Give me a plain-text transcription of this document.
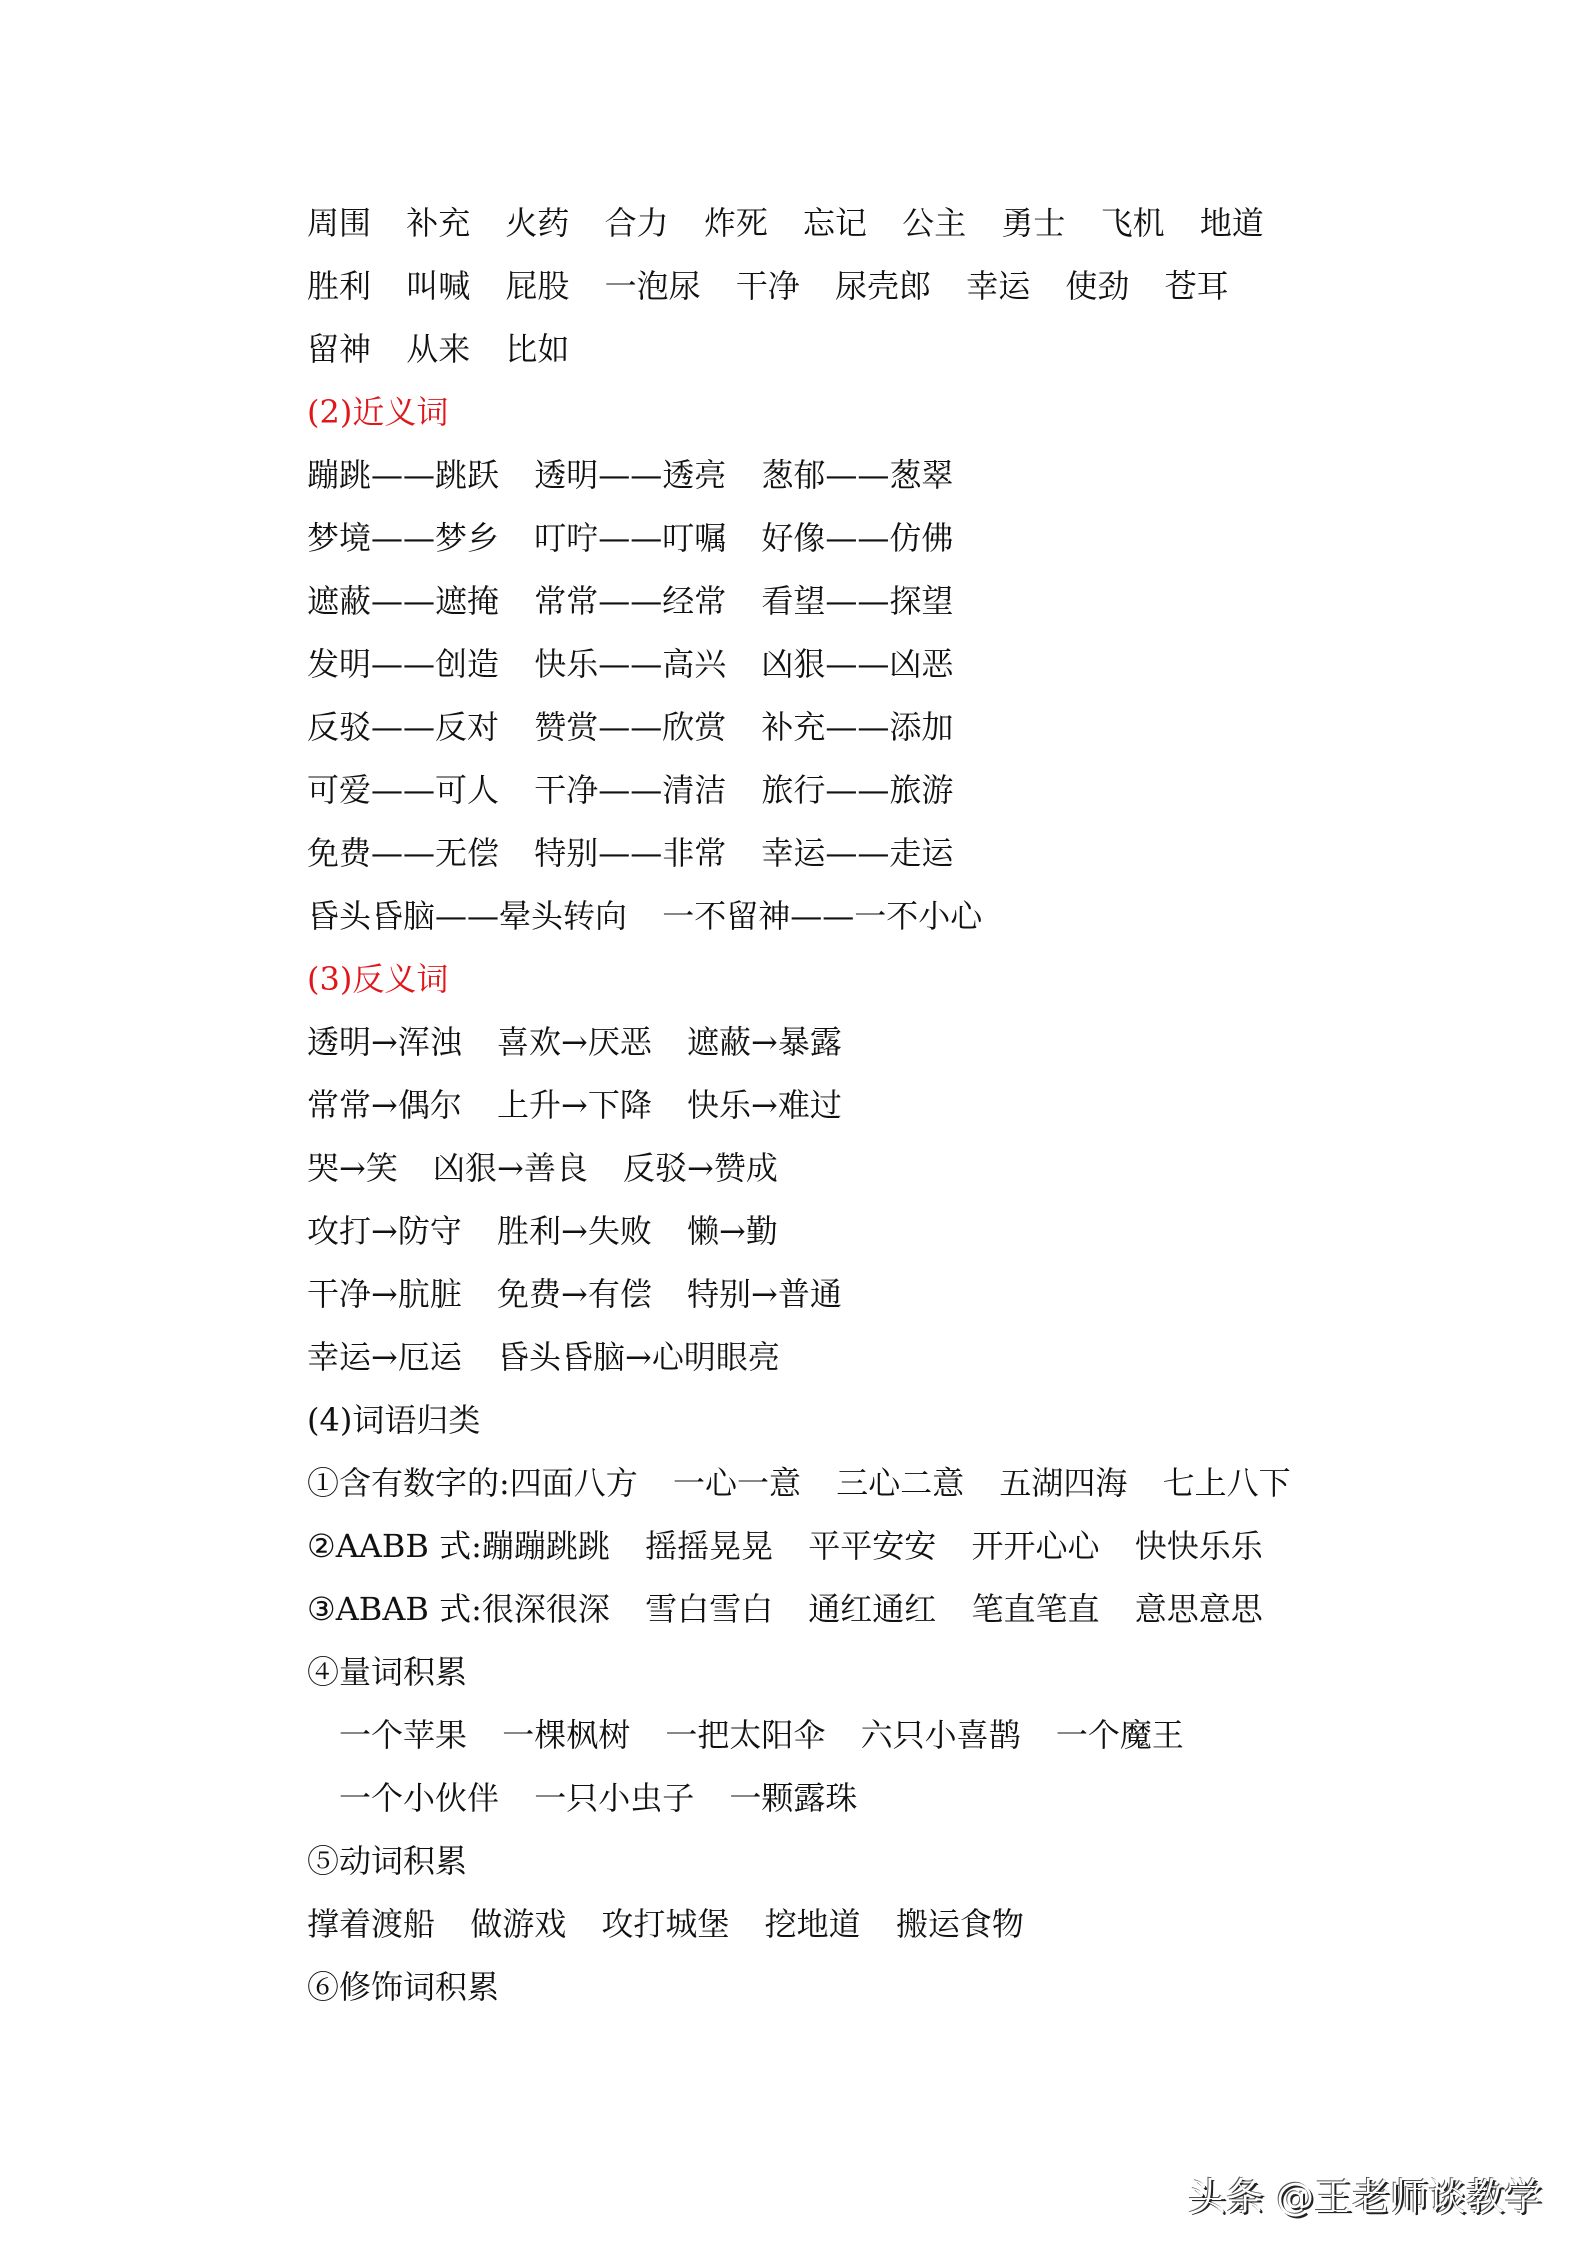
周围 补充 火药 合力 炸死 忘记 公主 勇士 飞机 地道
胜利 叫喊 屁股 一泡尿 干净 尿壳郎 幸运 使劲 苍耳
留神 从来 比如
(2)近义词
蹦跳——跳跃 透明——透亮 葱郁——葱翠
梦境——梦乡 叮咛——叮嘱 好像——仿佛
遮蔽——遮掩 常常——经常 看望——探望
发明——创造 快乐——高兴 凶狠——凶恶
反驳——反对 赞赏——欣赏 补充——添加
可爱——可人 干净——清洁 旅行——旅游
免费——无偿 特别——非常 幸运——走运
昏头昏脑——晕头转向 一不留神——一不小心
(3)反义词
透明→浑浊 喜欢→厌恶 遮蔽→暴露
常常→偶尔 上升→下降 快乐→难过
哭→笑 凶狠→善良 反驳→赞成
攻打→防守 胜利→失败 懒→勤
干净→肮脏 免费→有偿 特别→普通
幸运→厄运 昏头昏脑→心明眼亮
(4)词语归类
①含有数字的:四面八方 一心一意 三心二意 五湖四海 七上八下
②AABB 式:蹦蹦跳跳 摇摇晃晃 平平安安 开开心心 快快乐乐
③ABAB 式:很深很深 雪白雪白 通红通红 笔直笔直 意思意思
④量词积累
一个苹果 一棵枫树 一把太阳伞 六只小喜鹊 一个魔王
一个小伙伴 一只小虫子 一颗露珠
⑤动词积累
撑着渡船 做游戏 攻打城堡 挖地道 搬运食物
⑥修饰词积累
头条 @王老师谈教学
